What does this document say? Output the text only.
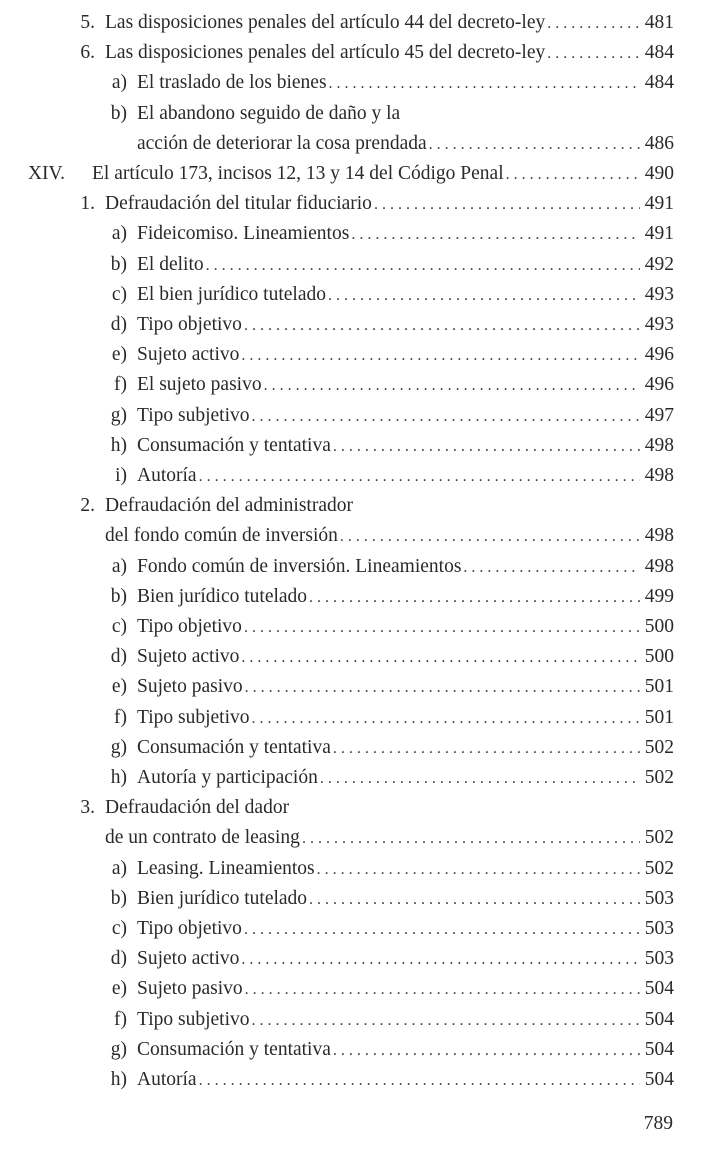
5. Las disposiciones penales del artículo 44 del decreto-ley . . .	481
6. Las disposiciones penales del artículo 45 del decreto-ley . . .	484
a) El traslado de los bienes . . .	484
b) El abandono seguido de daño y la
acción de deteriorar la cosa prendada . . .	486
XIV. El artículo 173, incisos 12, 13 y 14 del Código Penal . . .	490
1. Defraudación del titular fiduciario . . .	491
a) Fideicomiso. Lineamientos . . .	491
b) El delito . . .	492
c) El bien jurídico tutelado . . .	493
d) Tipo objetivo . . .	493
e) Sujeto activo . . .	496
f) El sujeto pasivo . . .	496
g) Tipo subjetivo . . .	497
h) Consumación y tentativa . . .	498
i) Autoría . . .	498
2. Defraudación del administrador
del fondo común de inversión . . .	498
a) Fondo común de inversión. Lineamientos . . .	498
b) Bien jurídico tutelado . . .	499
c) Tipo objetivo . . .	500
d) Sujeto activo . . .	500
e) Sujeto pasivo . . .	501
f) Tipo subjetivo . . .	501
g) Consumación y tentativa . . .	502
h) Autoría y participación . . .	502
3. Defraudación del dador
de un contrato de leasing . . .	502
a) Leasing. Lineamientos . . .	502
b) Bien jurídico tutelado . . .	503
c) Tipo objetivo . . .	503
d) Sujeto activo . . .	503
e) Sujeto pasivo . . .	504
f) Tipo subjetivo . . .	504
g) Consumación y tentativa . . .	504
h) Autoría . . .	504
789
